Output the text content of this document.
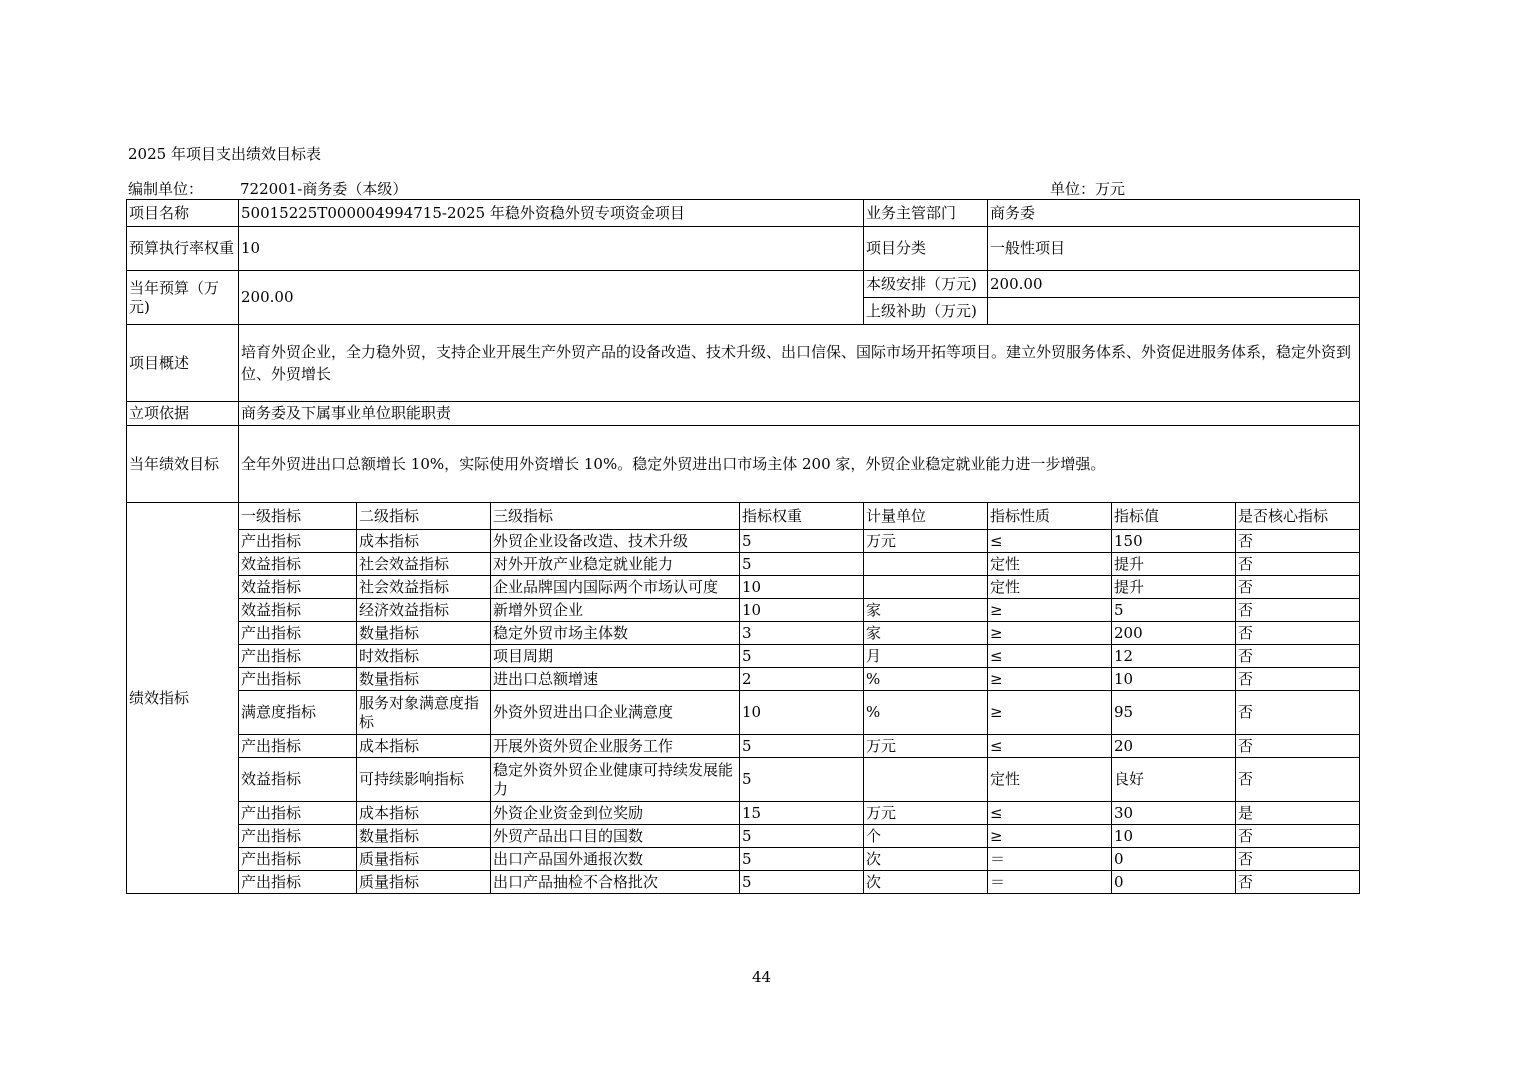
2025 年项目支出绩效目标表
编制单位： 722001-商务委（本级）	单位：万元
项目名称	50015225T000004994715-2025 年稳外资稳外贸专项资金项目				业务主管部门	商务委		
预算执行率权重	10				项目分类	一般性项目		
当年预算（万元)	200.00				本级安排（万元)	200.00		
					上级补助（万元)			
项目概述	培育外贸企业，全力稳外贸，支持企业开展生产外贸产品的设备改造、技术升级、出口信保、国际市场开拓等项目。建立外贸服务体系、外资促进服务体系，稳定外资到位、外贸增长							
立项依据	商务委及下属事业单位职能职责							
当年绩效目标	全年外贸进出口总额增长 10%，实际使用外资增长 10%。稳定外贸进出口市场主体 200 家，外贸企业稳定就业能力进一步增强。							
绩效指标	一级指标	二级指标	三级指标	指标权重	计量单位	指标性质	指标值	是否核心指标
	产出指标	成本指标	外贸企业设备改造、技术升级	5	万元	≤	150	否
	效益指标	社会效益指标	对外开放产业稳定就业能力	5		定性	提升	否
	效益指标	社会效益指标	企业品牌国内国际两个市场认可度	10		定性	提升	否
	效益指标	经济效益指标	新增外贸企业	10	家	≥	5	否
	产出指标	数量指标	稳定外贸市场主体数	3	家	≥	200	否
	产出指标	时效指标	项目周期	5	月	≤	12	否
	产出指标	数量指标	进出口总额增速	2	%	≥	10	否
	满意度指标	服务对象满意度指标	外资外贸进出口企业满意度	10	%	≥	95	否
	产出指标	成本指标	开展外资外贸企业服务工作	5	万元	≤	20	否
	效益指标	可持续影响指标	稳定外资外贸企业健康可持续发展能力	5		定性	良好	否
	产出指标	成本指标	外资企业资金到位奖励	15	万元	≤	30	是
	产出指标	数量指标	外贸产品出口目的国数	5	个	≥	10	否
	产出指标	质量指标	出口产品国外通报次数	5	次	＝	0	否
	产出指标	质量指标	出口产品抽检不合格批次	5	次	＝	0	否
44
